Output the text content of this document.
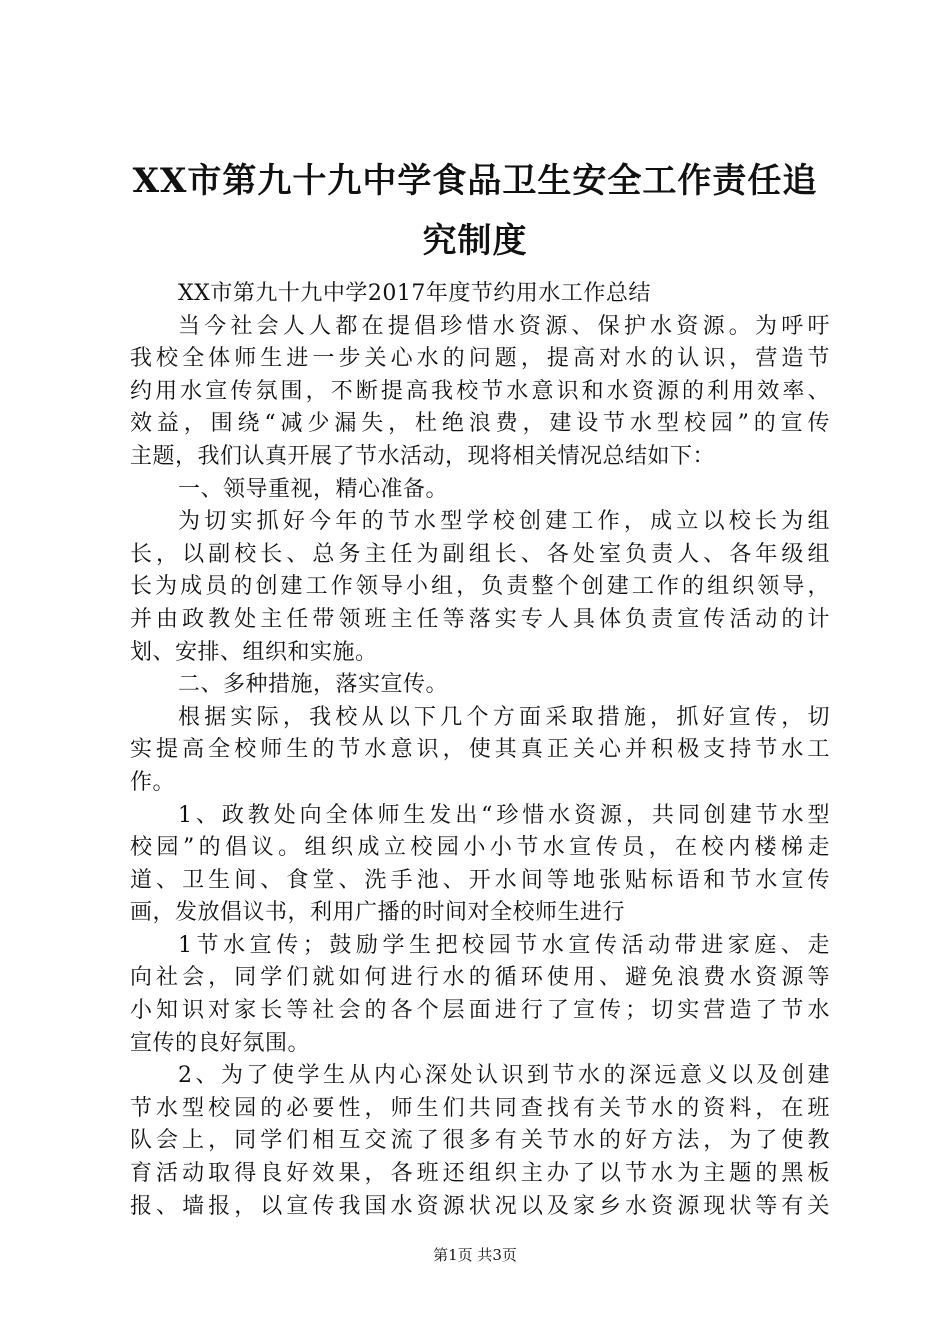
XX市第九十九中学食品卫生安全工作责任追
究制度
XX市第九十九中学2017年度节约用水工作总结
当今社会人人都在提倡珍惜水资源、保护水资源。为呼吁
我校全体师生进一步关心水的问题，提高对水的认识，营造节
约用水宣传氛围，不断提高我校节水意识和水资源的利用效率、
效益，围绕“减少漏失，杜绝浪费，建设节水型校园”的宣传
主题，我们认真开展了节水活动，现将相关情况总结如下：
一、领导重视，精心准备。
为切实抓好今年的节水型学校创建工作，成立以校长为组
长，以副校长、总务主任为副组长、各处室负责人、各年级组
长为成员的创建工作领导小组，负责整个创建工作的组织领导，
并由政教处主任带领班主任等落实专人具体负责宣传活动的计
划、安排、组织和实施。
二、多种措施，落实宣传。
根据实际，我校从以下几个方面采取措施，抓好宣传，切
实提高全校师生的节水意识，使其真正关心并积极支持节水工
作。
1、政教处向全体师生发出“珍惜水资源，共同创建节水型
校园”的倡议。组织成立校园小小节水宣传员，在校内楼梯走
道、卫生间、食堂、洗手池、开水间等地张贴标语和节水宣传
画，发放倡议书，利用广播的时间对全校师生进行
1节水宣传；鼓励学生把校园节水宣传活动带进家庭、走
向社会，同学们就如何进行水的循环使用、避免浪费水资源等
小知识对家长等社会的各个层面进行了宣传；切实营造了节水
宣传的良好氛围。
2、为了使学生从内心深处认识到节水的深远意义以及创建
节水型校园的必要性，师生们共同查找有关节水的资料，在班
队会上，同学们相互交流了很多有关节水的好方法，为了使教
育活动取得良好效果，各班还组织主办了以节水为主题的黑板
报、墙报，以宣传我国水资源状况以及家乡水资源现状等有关
第1页 共3页
